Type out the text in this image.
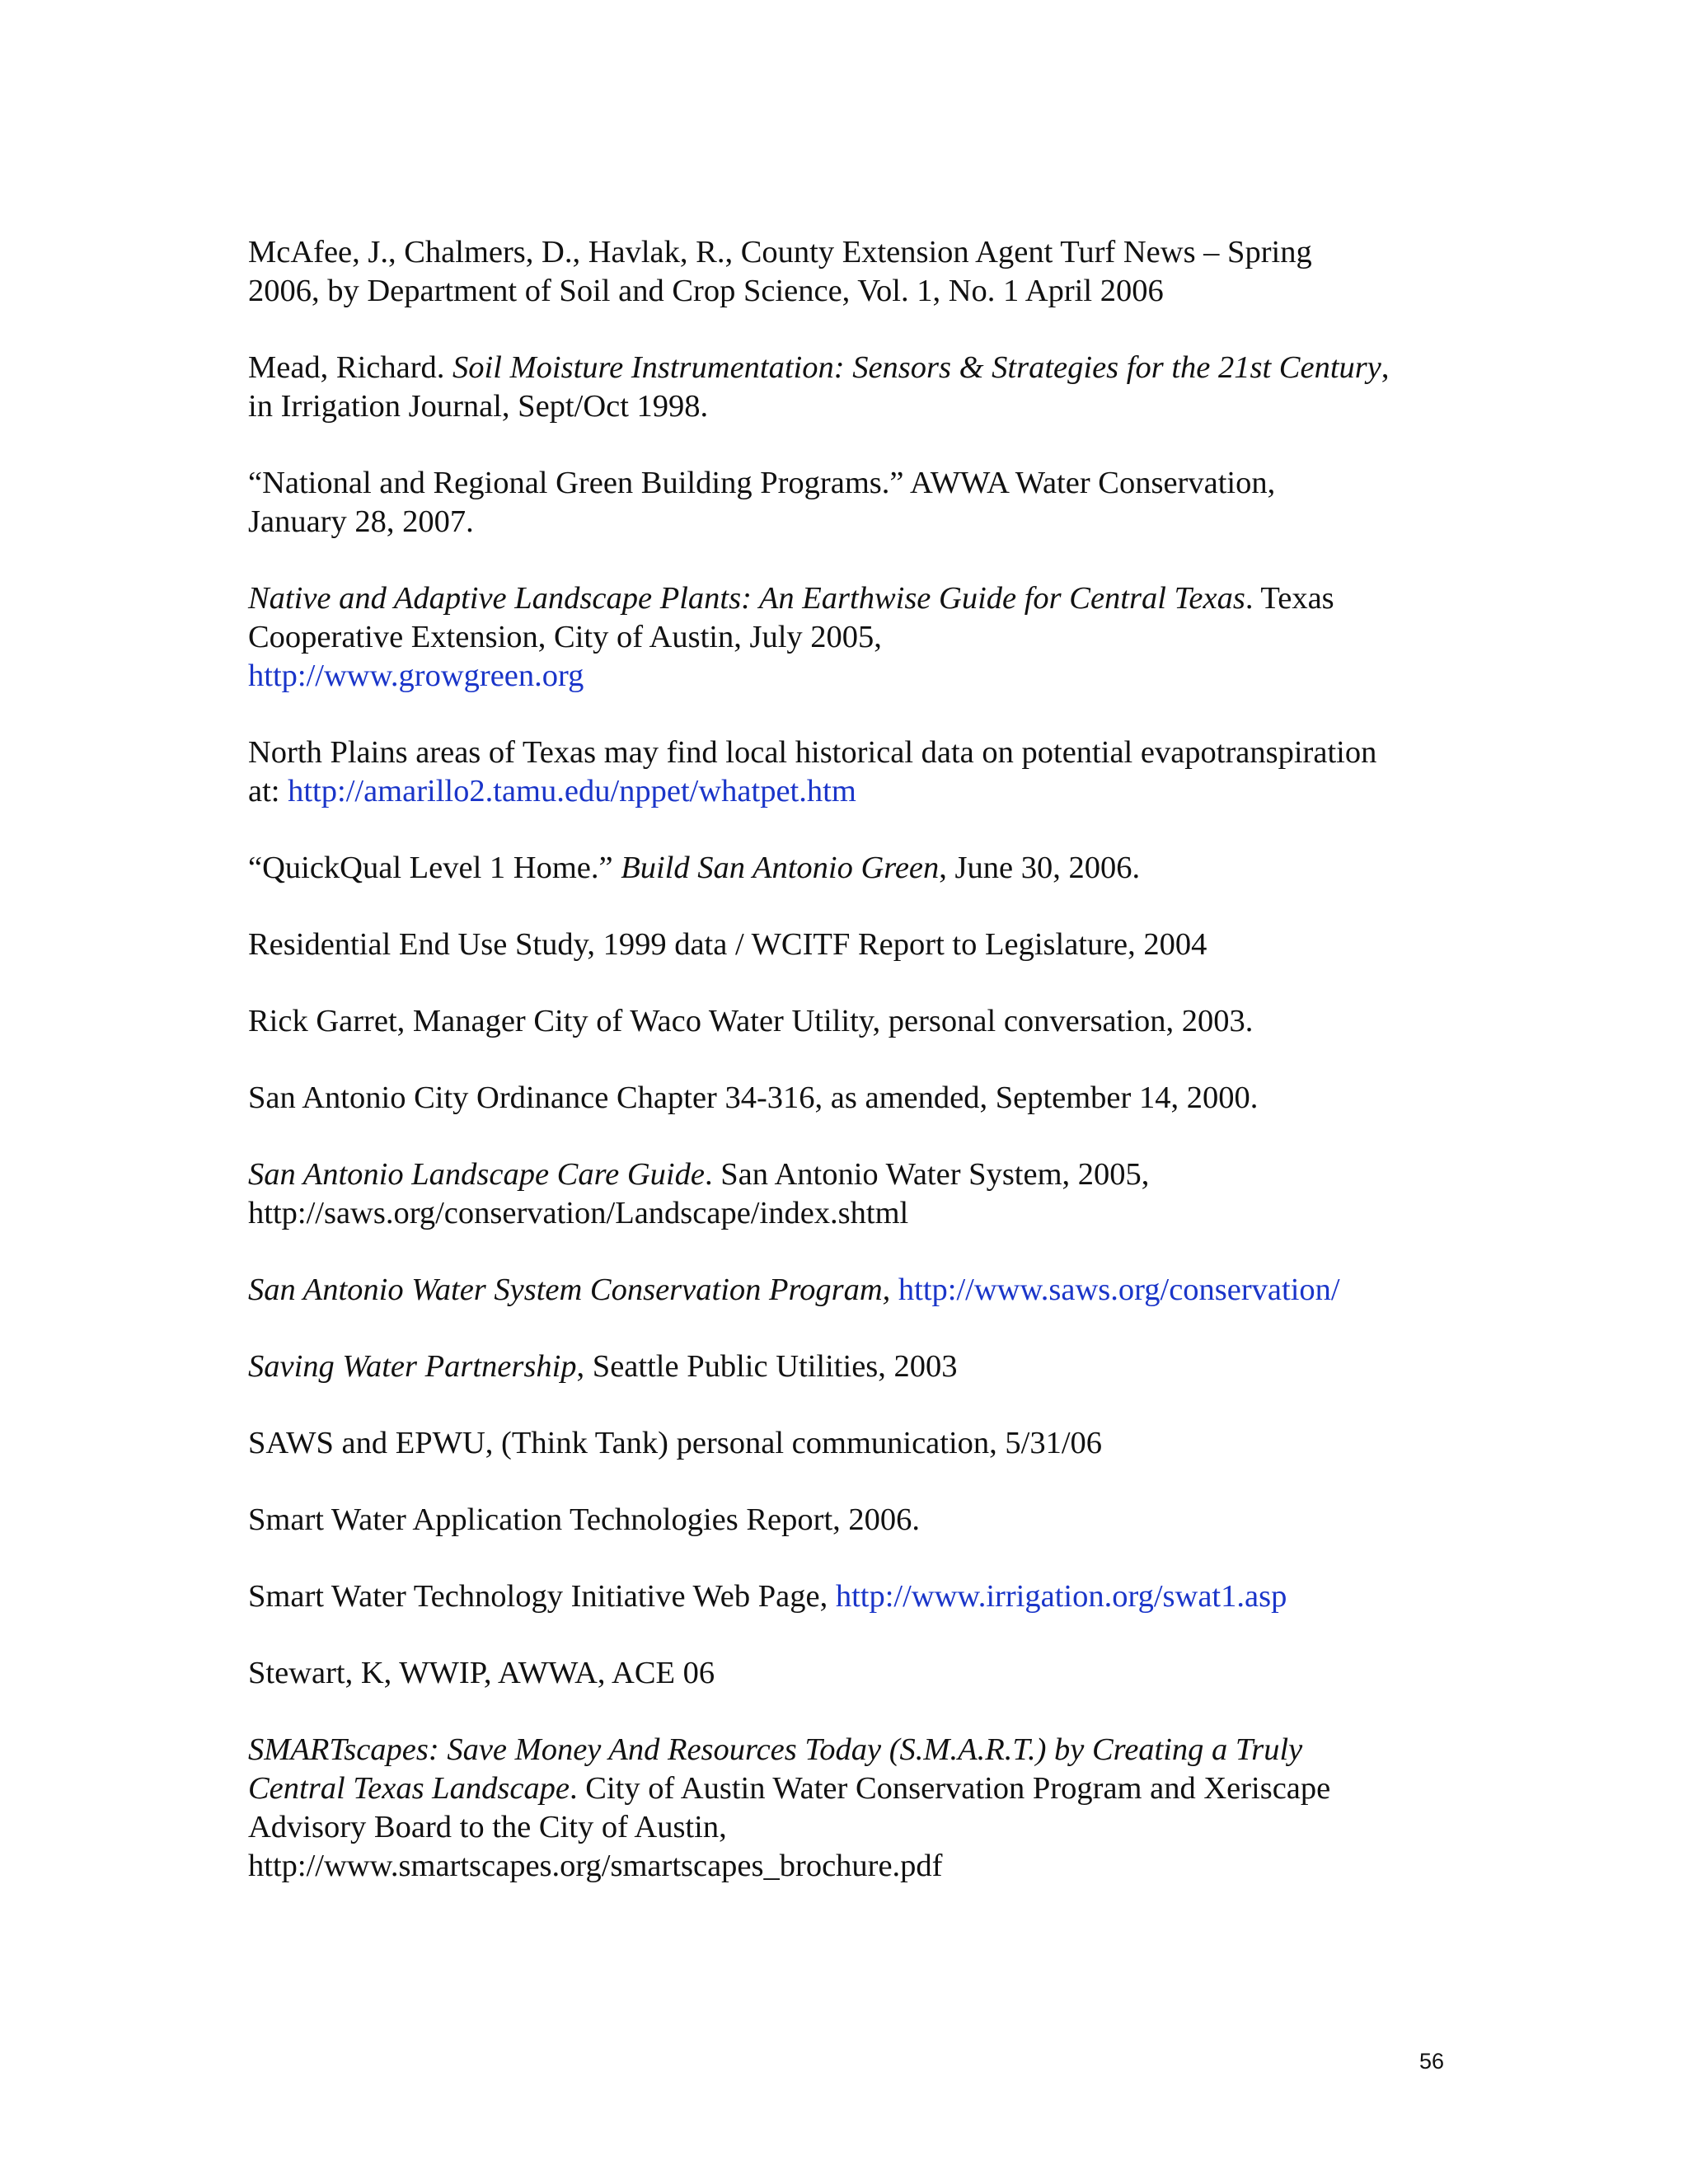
McAfee, J., Chalmers, D., Havlak, R., County Extension Agent Turf News – Spring
2006, by Department of Soil and Crop Science, Vol. 1, No. 1 April 2006
Mead, Richard. Soil Moisture Instrumentation: Sensors & Strategies for the 21st Century,
in Irrigation Journal, Sept/Oct 1998.
“National and Regional Green Building Programs.” AWWA Water Conservation,
January 28, 2007.
Native and Adaptive Landscape Plants: An Earthwise Guide for Central Texas. Texas
Cooperative Extension, City of Austin, July 2005,
http://www.growgreen.org
North Plains areas of Texas may find local historical data on potential evapotranspiration
at: http://amarillo2.tamu.edu/nppet/whatpet.htm
“QuickQual Level 1 Home.” Build San Antonio Green, June 30, 2006.
Residential End Use Study, 1999 data / WCITF Report to Legislature, 2004
Rick Garret, Manager City of Waco Water Utility, personal conversation, 2003.
San Antonio City Ordinance Chapter 34-316, as amended, September 14, 2000.
San Antonio Landscape Care Guide. San Antonio Water System, 2005,
http://saws.org/conservation/Landscape/index.shtml
San Antonio Water System Conservation Program, http://www.saws.org/conservation/
Saving Water Partnership, Seattle Public Utilities, 2003
SAWS and EPWU, (Think Tank) personal communication, 5/31/06
Smart Water Application Technologies Report, 2006.
Smart Water Technology Initiative Web Page, http://www.irrigation.org/swat1.asp
Stewart, K, WWIP, AWWA, ACE 06
SMARTscapes: Save Money And Resources Today (S.M.A.R.T.) by Creating a Truly
Central Texas Landscape. City of Austin Water Conservation Program and Xeriscape
Advisory Board to the City of Austin,
http://www.smartscapes.org/smartscapes_brochure.pdf
56
